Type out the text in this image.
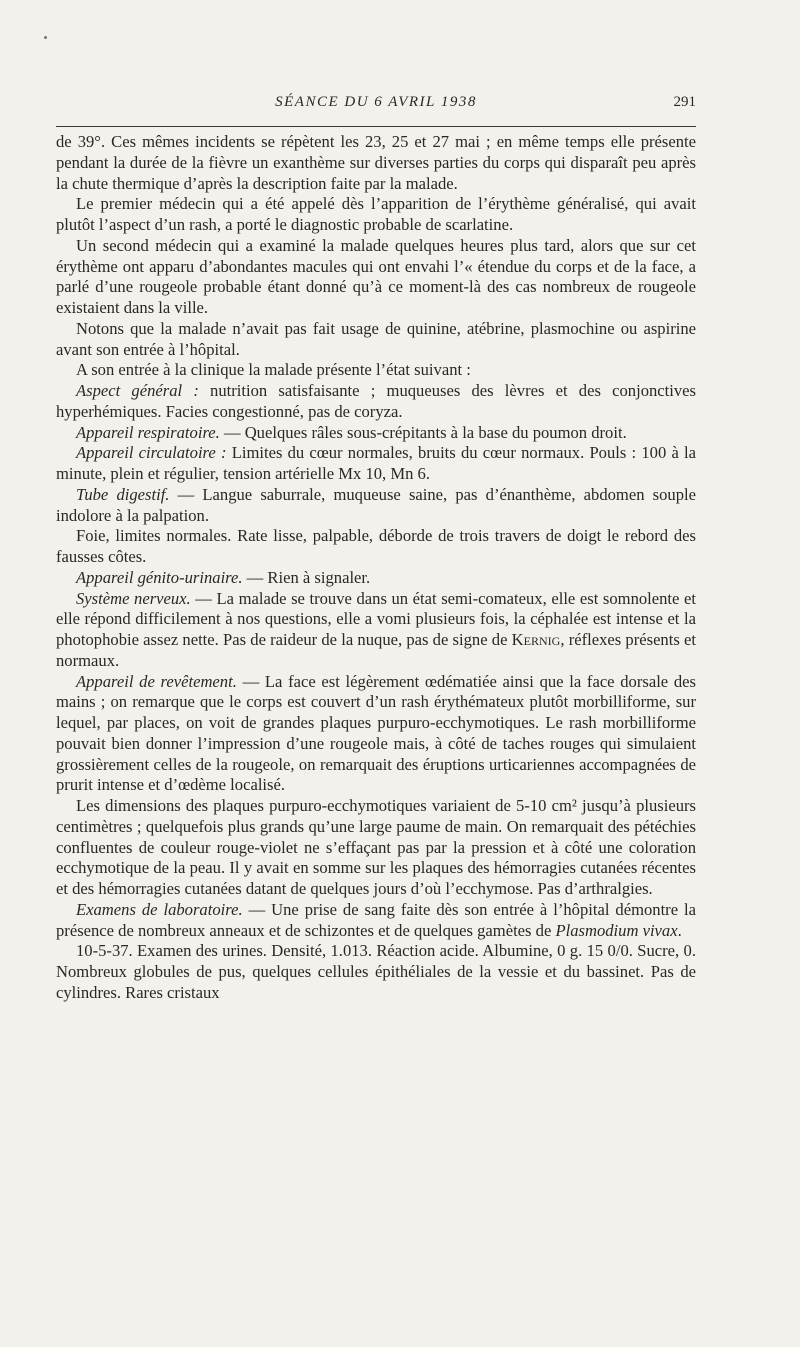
SÉANCE DU 6 AVRIL 1938	291

de 39°. Ces mêmes incidents se répètent les 23, 25 et 27 mai ; en même temps elle présente pendant la durée de la fièvre un exanthème sur diverses parties du corps qui disparaît peu après la chute thermique d’après la description faite par la malade.

Le premier médecin qui a été appelé dès l’apparition de l’érythème généralisé, qui avait plutôt l’aspect d’un rash, a porté le diagnostic probable de scarlatine.

Un second médecin qui a examiné la malade quelques heures plus tard, alors que sur cet érythème ont apparu d’abondantes macules qui ont envahi l’« étendue du corps et de la face, a parlé d’une rougeole probable étant donné qu’à ce moment-là des cas nombreux de rougeole existaient dans la ville.

Notons que la malade n’avait pas fait usage de quinine, atébrine, plasmochine ou aspirine avant son entrée à l’hôpital.

A son entrée à la clinique la malade présente l’état suivant :

Aspect général : nutrition satisfaisante ; muqueuses des lèvres et des conjonctives hyperhémiques. Facies congestionné, pas de coryza.

Appareil respiratoire. — Quelques râles sous-crépitants à la base du poumon droit.

Appareil circulatoire : Limites du cœur normales, bruits du cœur normaux. Pouls : 100 à la minute, plein et régulier, tension artérielle Mx 10, Mn 6.

Tube digestif. — Langue saburrale, muqueuse saine, pas d’énanthème, abdomen souple indolore à la palpation.

Foie, limites normales. Rate lisse, palpable, déborde de trois travers de doigt le rebord des fausses côtes.

Appareil génito-urinaire. — Rien à signaler.

Système nerveux. — La malade se trouve dans un état semi-comateux, elle est somnolente et elle répond difficilement à nos questions, elle a vomi plusieurs fois, la céphalée est intense et la photophobie assez nette. Pas de raideur de la nuque, pas de signe de Kernig, réflexes présents et normaux.

Appareil de revêtement. — La face est légèrement œdématiée ainsi que la face dorsale des mains ; on remarque que le corps est couvert d’un rash érythémateux plutôt morbilliforme, sur lequel, par places, on voit de grandes plaques purpuro-ecchymotiques. Le rash morbilliforme pouvait bien donner l’impression d’une rougeole mais, à côté de taches rouges qui simulaient grossièrement celles de la rougeole, on remarquait des éruptions urticariennes accompagnées de prurit intense et d’œdème localisé.

Les dimensions des plaques purpuro-ecchymotiques variaient de 5-10 cm² jusqu’à plusieurs centimètres ; quelquefois plus grands qu’une large paume de main. On remarquait des pétéchies confluentes de couleur rouge-violet ne s’effaçant pas par la pression et à côté une coloration ecchymotique de la peau. Il y avait en somme sur les plaques des hémorragies cutanées récentes et des hémorragies cutanées datant de quelques jours d’où l’ecchymose. Pas d’arthralgies.

Examens de laboratoire. — Une prise de sang faite dès son entrée à l’hôpital démontre la présence de nombreux anneaux et de schizontes et de quelques gamètes de Plasmodium vivax.

10-5-37. Examen des urines. Densité, 1.013. Réaction acide. Albumine, 0 g. 15 0/0. Sucre, 0. Nombreux globules de pus, quelques cellules épithéliales de la vessie et du bassinet. Pas de cylindres. Rares cristaux
